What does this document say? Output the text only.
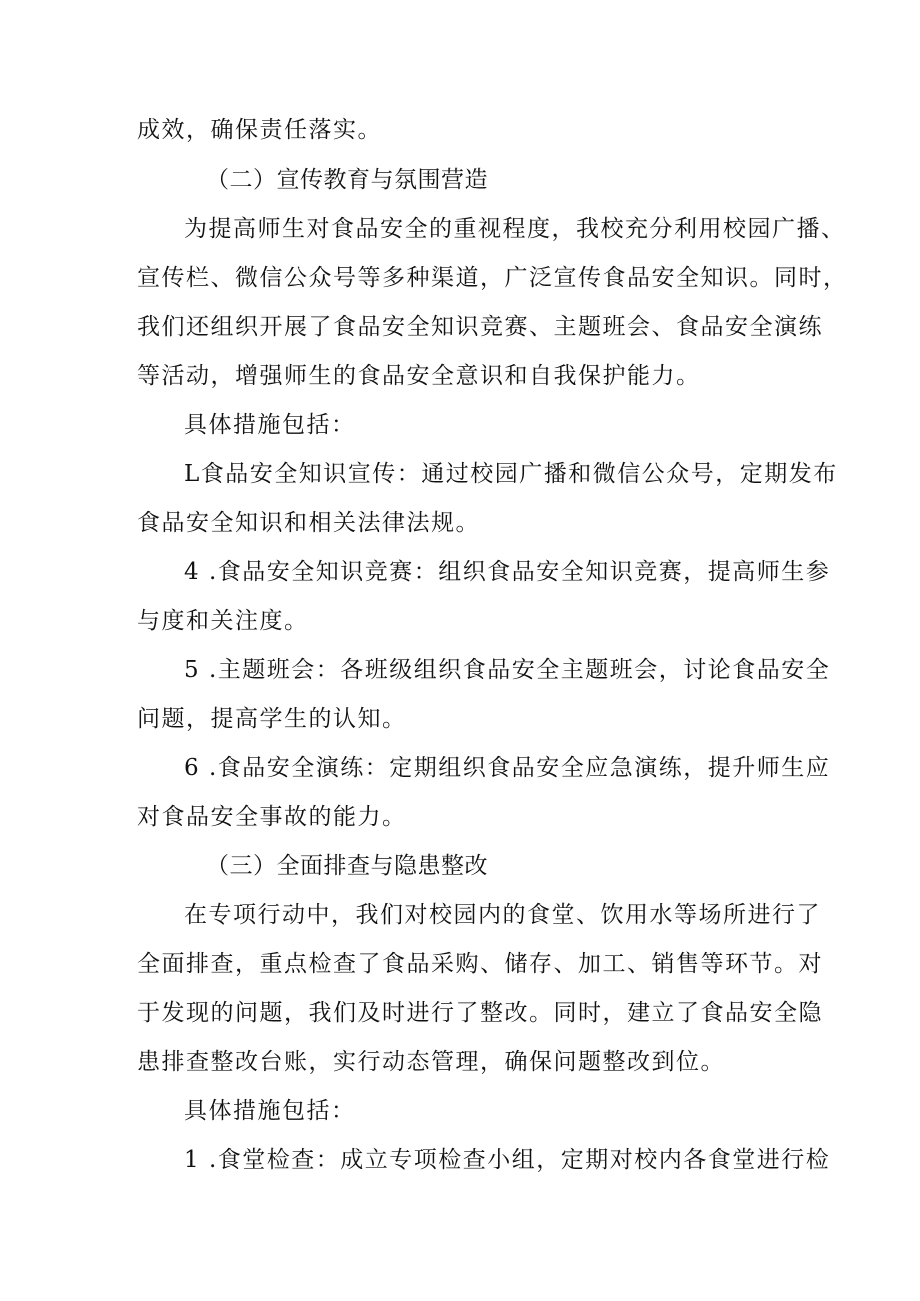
成效，确保责任落实。
（二）宣传教育与氛围营造
为提高师生对食品安全的重视程度，我校充分利用校园广播、
宣传栏、微信公众号等多种渠道，广泛宣传食品安全知识。同时，
我们还组织开展了食品安全知识竞赛、主题班会、食品安全演练
等活动，增强师生的食品安全意识和自我保护能力。
具体措施包括：
L食品安全知识宣传：通过校园广播和微信公众号，定期发布
食品安全知识和相关法律法规。
4 .食品安全知识竞赛：组织食品安全知识竞赛，提高师生参
与度和关注度。
5 .主题班会：各班级组织食品安全主题班会，讨论食品安全
问题，提高学生的认知。
6 .食品安全演练：定期组织食品安全应急演练，提升师生应
对食品安全事故的能力。
（三）全面排查与隐患整改
在专项行动中，我们对校园内的食堂、饮用水等场所进行了
全面排查，重点检查了食品采购、储存、加工、销售等环节。对
于发现的问题，我们及时进行了整改。同时，建立了食品安全隐
患排查整改台账，实行动态管理，确保问题整改到位。
具体措施包括：
1 .食堂检查：成立专项检查小组，定期对校内各食堂进行检
